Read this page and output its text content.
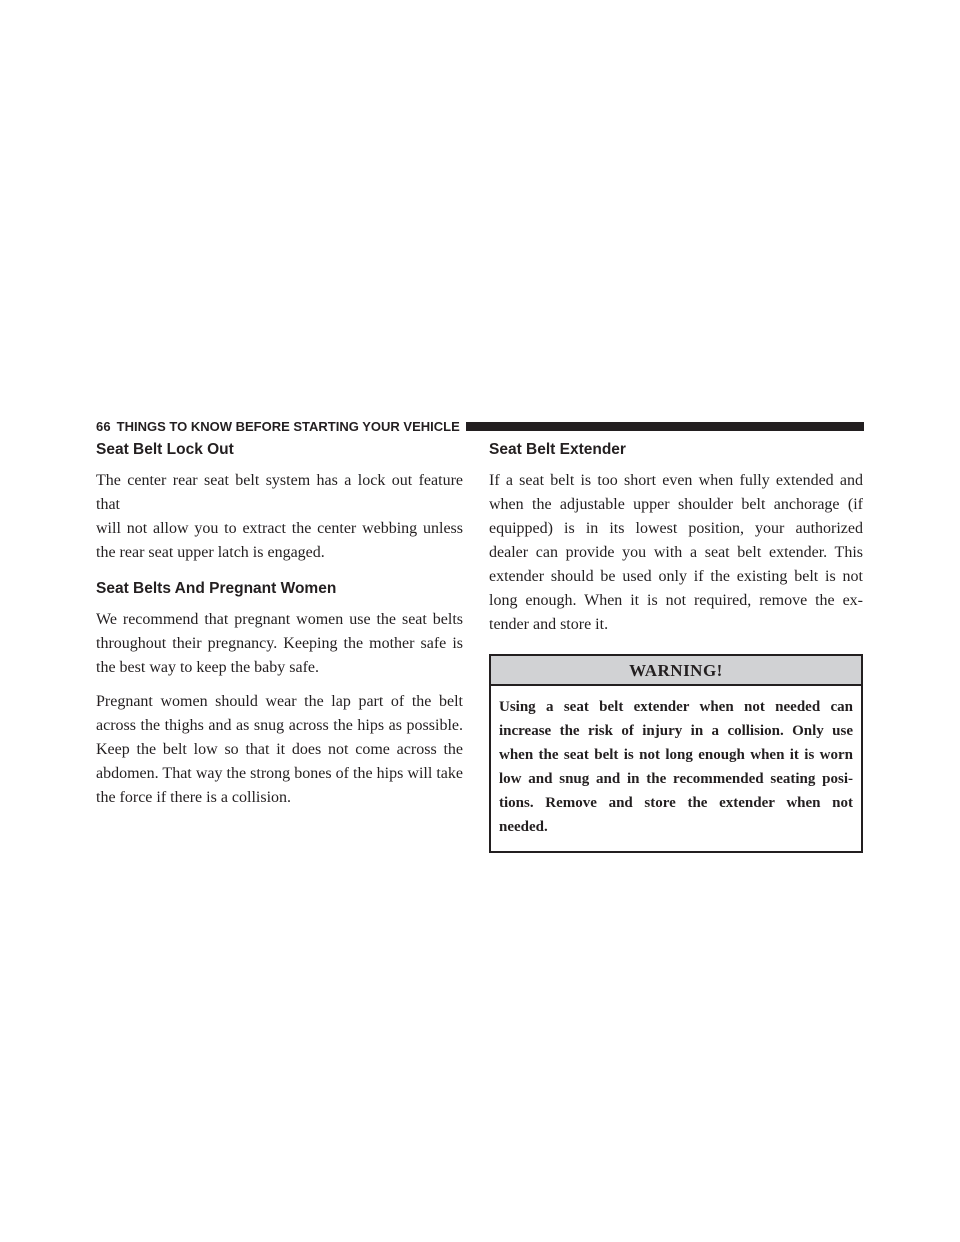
66 THINGS TO KNOW BEFORE STARTING YOUR VEHICLE
Seat Belt Lock Out

The center rear seat belt system has a lock out feature that
will not allow you to extract the center webbing unless
the rear seat upper latch is engaged.

Seat Belts And Pregnant Women

We recommend that pregnant women use the seat belts
throughout their pregnancy. Keeping the mother safe is
the best way to keep the baby safe.

Pregnant women should wear the lap part of the belt
across the thighs and as snug across the hips as possible.
Keep the belt low so that it does not come across the
abdomen. That way the strong bones of the hips will take
the force if there is a collision.

Seat Belt Extender

If a seat belt is too short even when fully extended and
when the adjustable upper shoulder belt anchorage (if
equipped) is in its lowest position, your authorized
dealer can provide you with a seat belt extender. This
extender should be used only if the existing belt is not
long enough. When it is not required, remove the ex-
tender and store it.

WARNING!
Using a seat belt extender when not needed can
increase the risk of injury in a collision. Only use
when the seat belt is not long enough when it is worn
low and snug and in the recommended seating posi-
tions. Remove and store the extender when not
needed.
